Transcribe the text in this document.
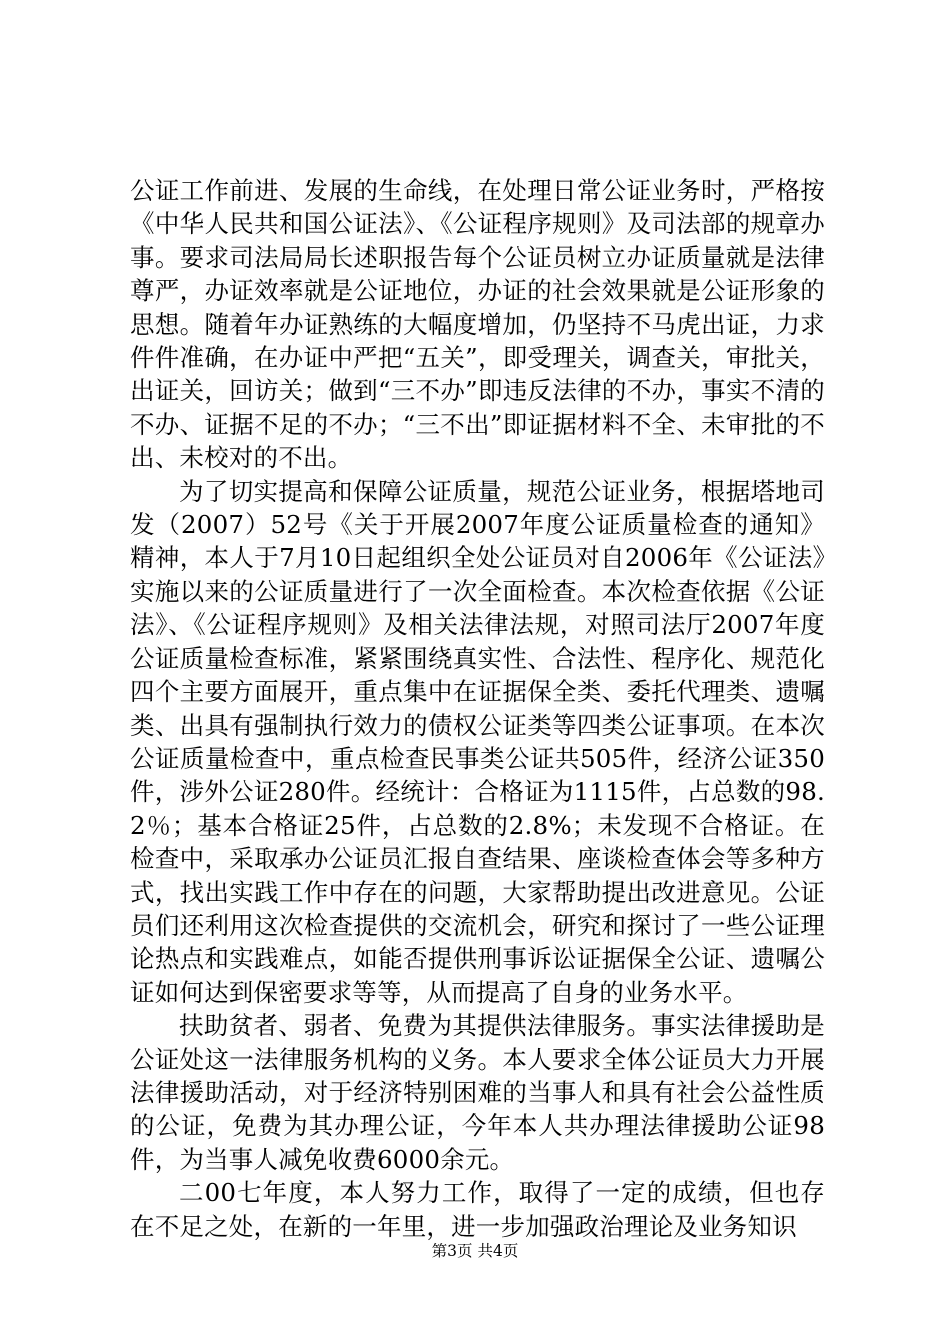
公证工作前进、发展的生命线，在处理日常公证业务时，严格按《中华人民共和国公证法》、《公证程序规则》及司法部的规章办事。要求司法局局长述职报告每个公证员树立办证质量就是法律尊严，办证效率就是公证地位，办证的社会效果就是公证形象的思想。随着年办证熟练的大幅度增加，仍坚持不马虎出证，力求件件准确，在办证中严把“五关”，即受理关，调查关，审批关，出证关，回访关；做到“三不办”即违反法律的不办，事实不清的不办、证据不足的不办；“三不出”即证据材料不全、未审批的不出、未校对的不出。

为了切实提高和保障公证质量，规范公证业务，根据塔地司发（2007）52号《关于开展2007年度公证质量检查的通知》精神，本人于7月10日起组织全处公证员对自2006年《公证法》实施以来的公证质量进行了一次全面检查。本次检查依据《公证法》、《公证程序规则》及相关法律法规，对照司法厅2007年度公证质量检查标准，紧紧围绕真实性、合法性、程序化、规范化四个主要方面展开，重点集中在证据保全类、委托代理类、遗嘱类、出具有强制执行效力的债权公证类等四类公证事项。在本次公证质量检查中，重点检查民事类公证共505件，经济公证350件，涉外公证280件。经统计：合格证为1115件，占总数的98.2％；基本合格证25件，占总数的2.8%；未发现不合格证。在检查中，采取承办公证员汇报自查结果、座谈检查体会等多种方式，找出实践工作中存在的问题，大家帮助提出改进意见。公证员们还利用这次检查提供的交流机会，研究和探讨了一些公证理论热点和实践难点，如能否提供刑事诉讼证据保全公证、遗嘱公证如何达到保密要求等等，从而提高了自身的业务水平。

扶助贫者、弱者、免费为其提供法律服务。事实法律援助是公证处这一法律服务机构的义务。本人要求全体公证员大力开展法律援助活动，对于经济特别困难的当事人和具有社会公益性质的公证，免费为其办理公证，今年本人共办理法律援助公证98件，为当事人减免收费6000余元。

二00七年度，本人努力工作，取得了一定的成绩，但也存在不足之处，在新的一年里，进一步加强政治理论及业务知识

第3页 共4页
